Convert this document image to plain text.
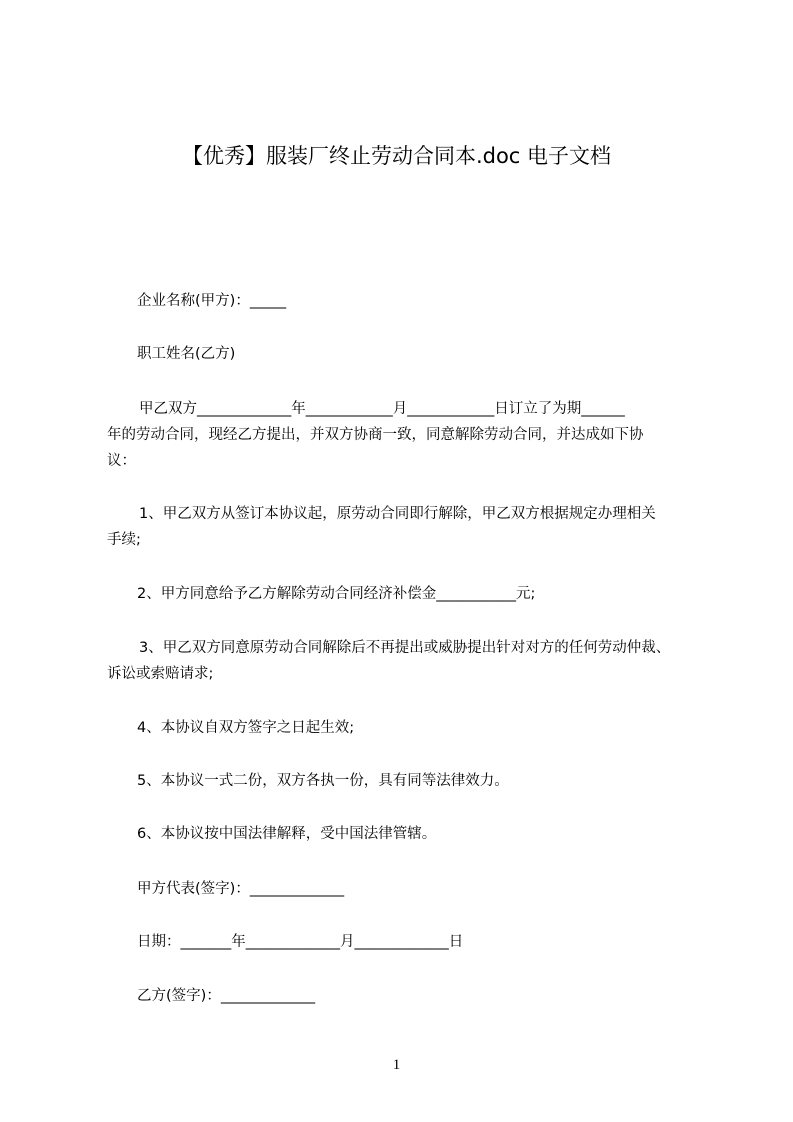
【优秀】服装厂终止劳动合同本.doc 电子文档
企业名称(甲方)：_____
职工姓名(乙方)
甲乙双方_____________年____________月____________日订立了为期______
年的劳动合同，现经乙方提出，并双方协商一致，同意解除劳动合同，并达成如下协
议：
1、甲乙双方从签订本协议起，原劳动合同即行解除，甲乙双方根据规定办理相关
手续;
2、甲方同意给予乙方解除劳动合同经济补偿金___________元;
3、甲乙双方同意原劳动合同解除后不再提出或威胁提出针对对方的任何劳动仲裁、
诉讼或索赔请求;
4、本协议自双方签字之日起生效;
5、本协议一式二份，双方各执一份，具有同等法律效力。
6、本协议按中国法律解释，受中国法律管辖。
甲方代表(签字)：_____________
日期：_______年_____________月_____________日
乙方(签字)：_____________
1
